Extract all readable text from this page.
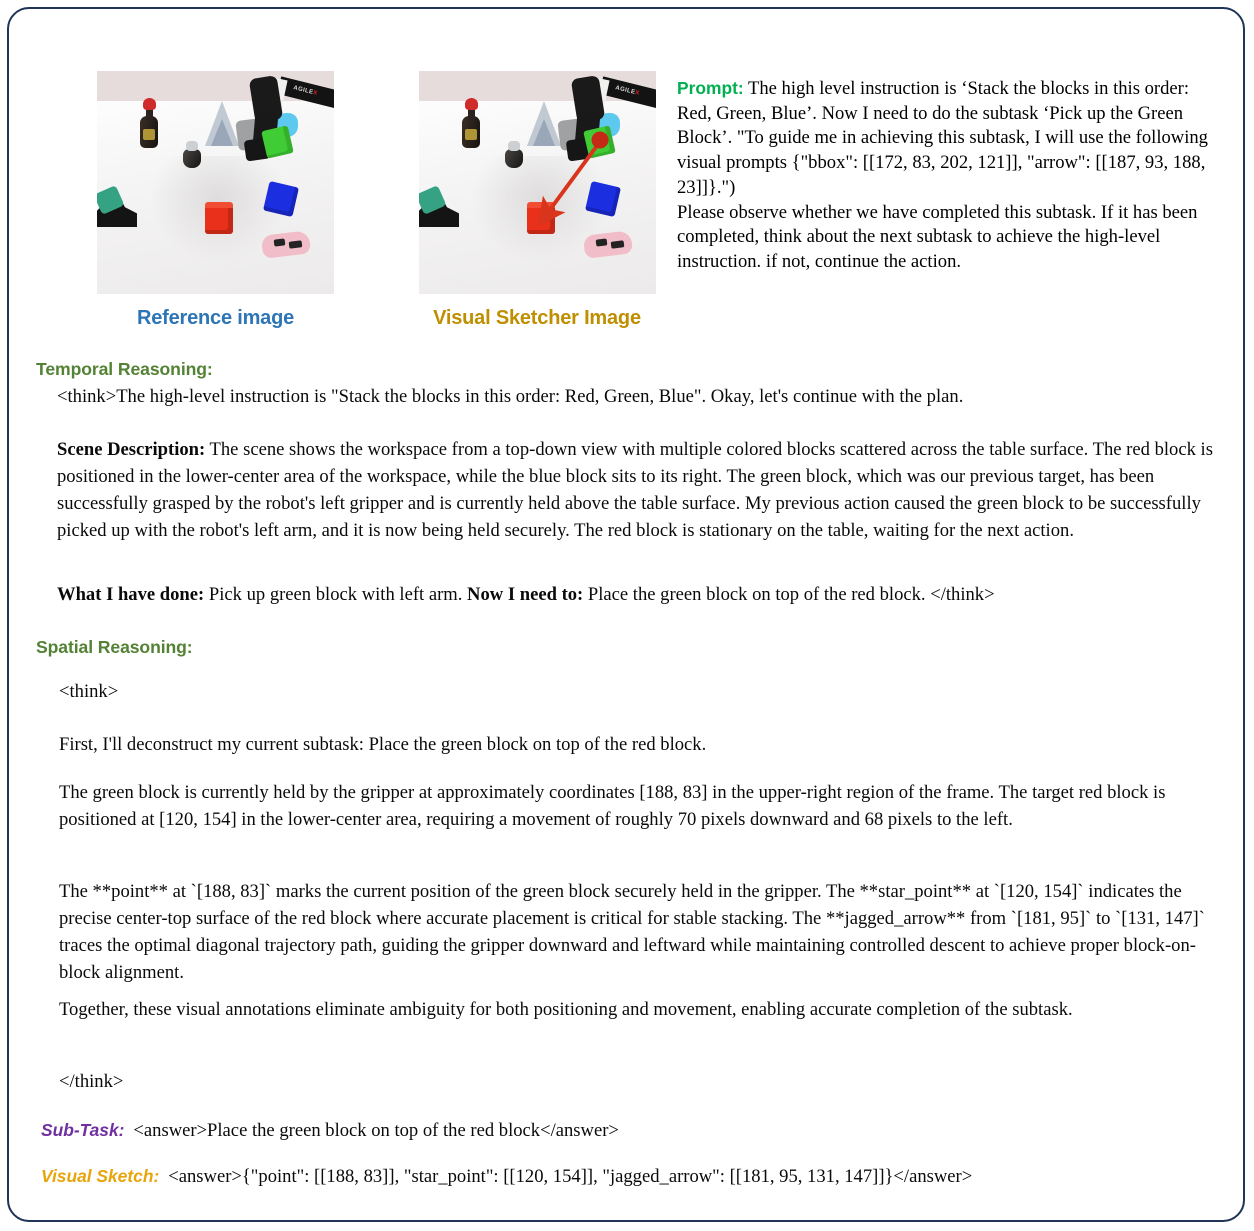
AGILEX	AGILEX
Reference image	Visual Sketcher Image
Prompt: The high level instruction is ‘Stack the blocks in this order: Red, Green, Blue’. Now I need to do the subtask ‘Pick up the Green Block’. "To guide me in achieving this subtask, I will use the following visual prompts {"bbox": [[172, 83, 202, 121]], "arrow": [[187, 93, 188, 23]]}.")
Please observe whether we have completed this subtask. If it has been completed, think about the next subtask to achieve the high-level instruction. if not, continue the action.
Temporal Reasoning:
<think>The high-level instruction is "Stack the blocks in this order: Red, Green, Blue". Okay, let's continue with the plan.
Scene Description: The scene shows the workspace from a top-down view with multiple colored blocks scattered across the table surface. The red block is positioned in the lower-center area of the workspace, while the blue block sits to its right. The green block, which was our previous target, has been successfully grasped by the robot's left gripper and is currently held above the table surface. My previous action caused the green block to be successfully picked up with the robot's left arm, and it is now being held securely. The red block is stationary on the table, waiting for the next action.
What I have done: Pick up green block with left arm. Now I need to: Place the green block on top of the red block. </think>
Spatial Reasoning:
<think>
First, I'll deconstruct my current subtask: Place the green block on top of the red block.
The green block is currently held by the gripper at approximately coordinates [188, 83] in the upper-right region of the frame. The target red block is positioned at [120, 154] in the lower-center area, requiring a movement of roughly 70 pixels downward and 68 pixels to the left.
The **point** at `[188, 83]` marks the current position of the green block securely held in the gripper. The **star_point** at `[120, 154]` indicates the precise center-top surface of the red block where accurate placement is critical for stable stacking. The **jagged_arrow** from `[181, 95]` to `[131, 147]` traces the optimal diagonal trajectory path, guiding the gripper downward and leftward while maintaining controlled descent to achieve proper block-on-block alignment.
Together, these visual annotations eliminate ambiguity for both positioning and movement, enabling accurate completion of the subtask.
</think>
Sub-Task: <answer>Place the green block on top of the red block</answer>
Visual Sketch: <answer>{"point": [[188, 83]], "star_point": [[120, 154]], "jagged_arrow": [[181, 95, 131, 147]]}</answer>
